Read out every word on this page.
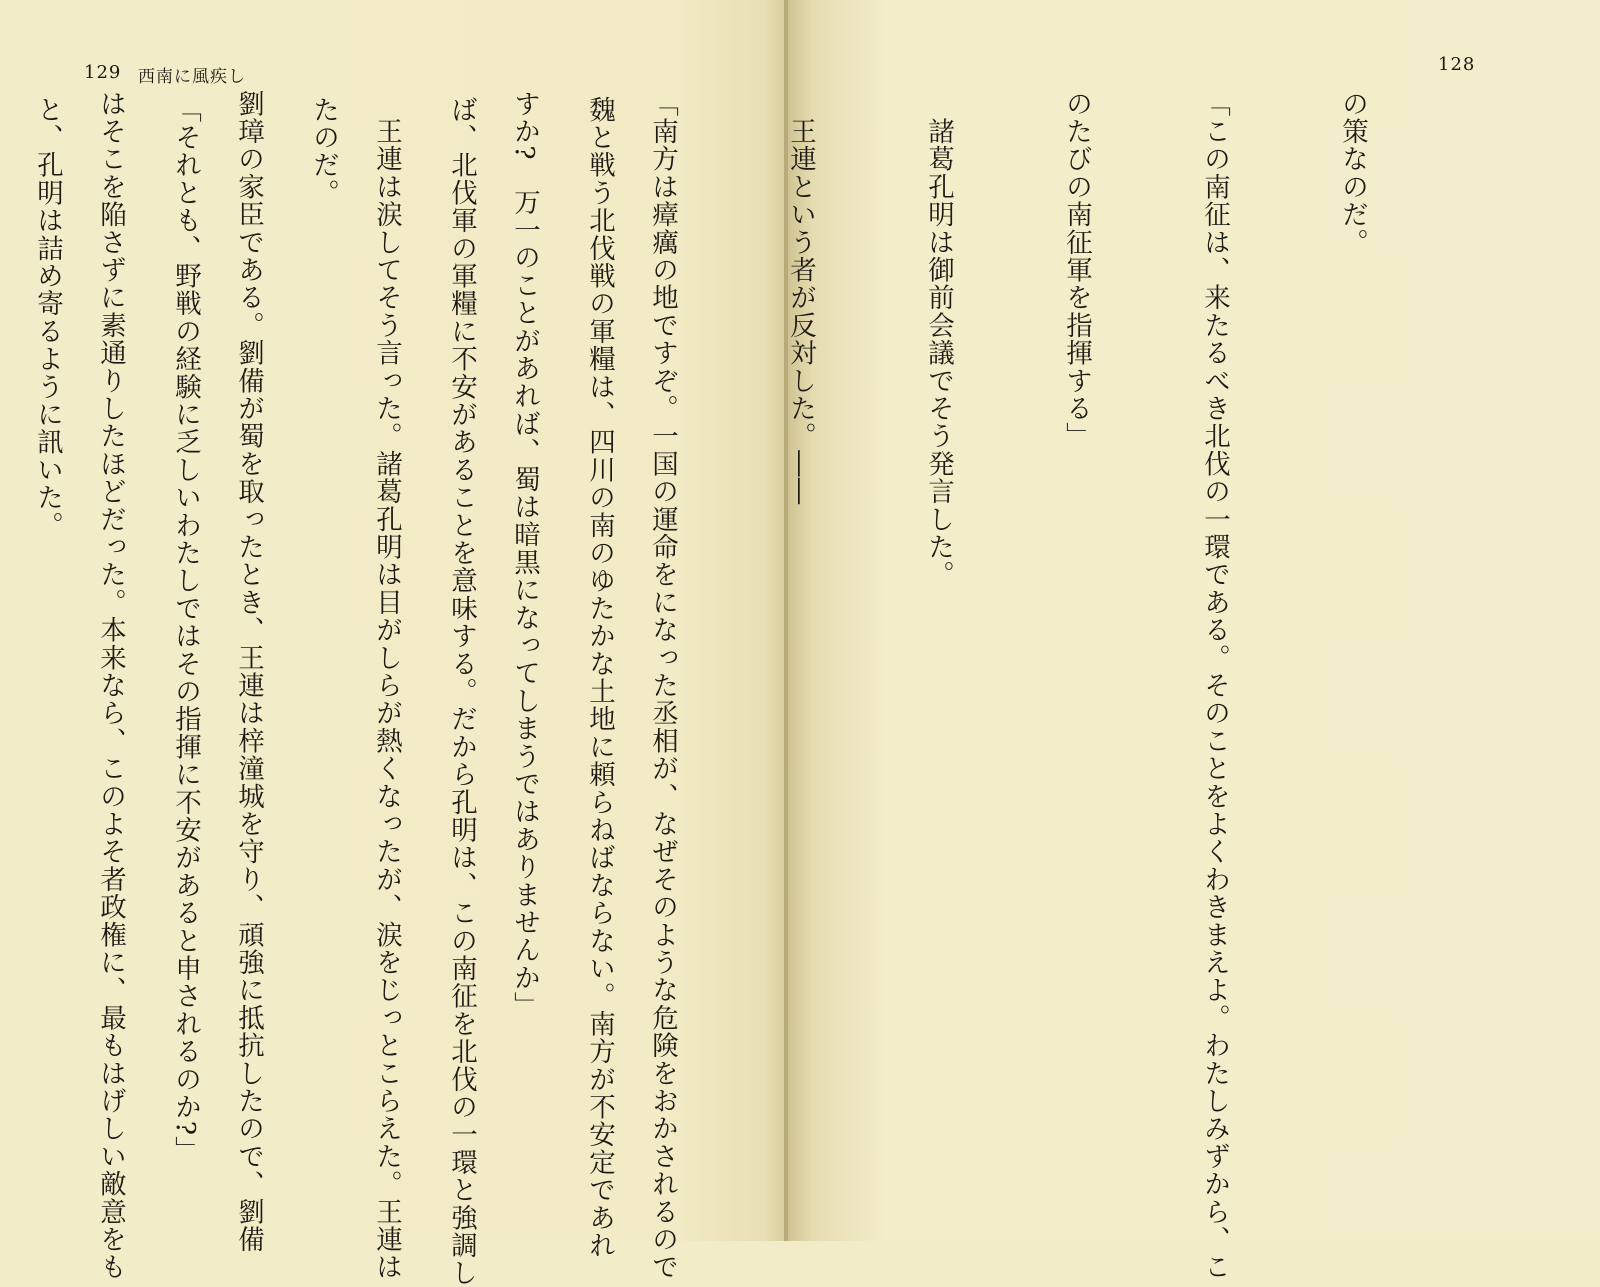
129 西南に風疾し

魏と戦う北伐戦の軍糧は、四川の南のゆたかな土地に頼らねばならない。南方が不安定であれ

ば、北伐軍の軍糧に不安があることを意味する。だから孔明は、この南征を北伐の一環と強調し

たのだ。

「それとも、野戦の経験に乏しいわたしではその指揮に不安があると申されるのか?」

と、孔明は詰め寄るように訊いた。

128

の策なのだ。

「この南征は、来たるべき北伐の一環である。そのことをよくわきまえよ。わたしみずから、こ

のたびの南征軍を指揮する」

　諸葛孔明は御前会議でそう発言した。

　王連という者が反対した。――

「南方は瘴癘の地ですぞ。一国の運命をになった丞相が、なぜそのような危険をおかされるので

すか?　万一のことがあれば、蜀は暗黒になってしまうではありませんか」

　王連は涙してそう言った。諸葛孔明は目がしらが熱くなったが、涙をじっとこらえた。王連は

劉璋の家臣である。劉備が蜀を取ったとき、王連は梓潼城を守り、頑強に抵抗したので、劉備

はそこを陥さずに素通りしたほどだった。本来なら、このよそ者政権に、最もはげしい敵意をも
